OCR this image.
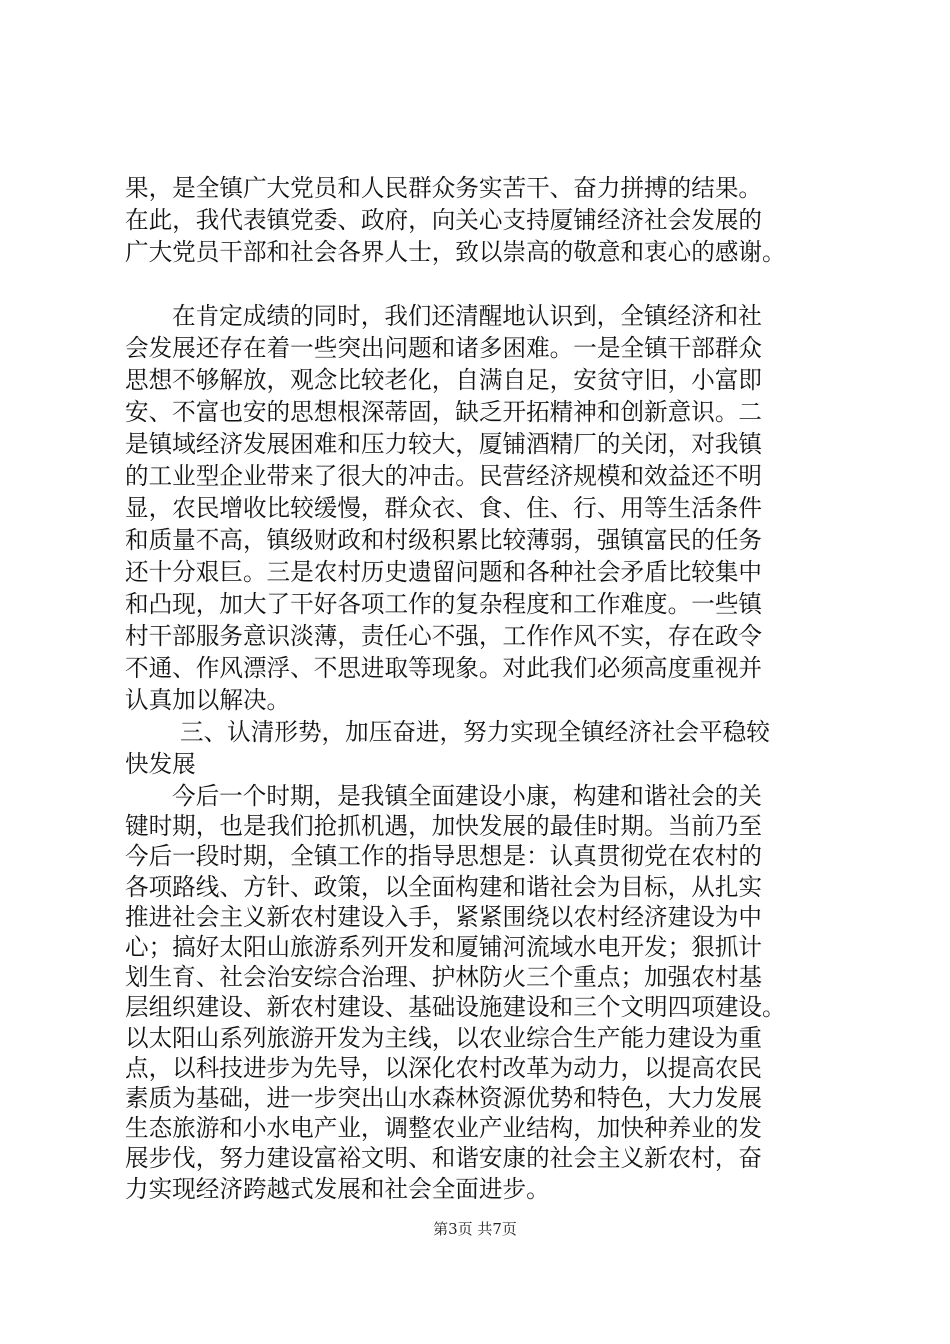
果，是全镇广大党员和人民群众务实苦干、奋力拼搏的结果。
在此，我代表镇党委、政府，向关心支持厦铺经济社会发展的
广大党员干部和社会各界人士，致以崇高的敬意和衷心的感谢。
在肯定成绩的同时，我们还清醒地认识到，全镇经济和社
会发展还存在着一些突出问题和诸多困难。一是全镇干部群众
思想不够解放，观念比较老化，自满自足，安贫守旧，小富即
安、不富也安的思想根深蒂固，缺乏开拓精神和创新意识。二
是镇域经济发展困难和压力较大，厦铺酒精厂的关闭，对我镇
的工业型企业带来了很大的冲击。民营经济规模和效益还不明
显，农民增收比较缓慢，群众衣、食、住、行、用等生活条件
和质量不高，镇级财政和村级积累比较薄弱，强镇富民的任务
还十分艰巨。三是农村历史遗留问题和各种社会矛盾比较集中
和凸现，加大了干好各项工作的复杂程度和工作难度。一些镇
村干部服务意识淡薄，责任心不强，工作作风不实，存在政令
不通、作风漂浮、不思进取等现象。对此我们必须高度重视并
认真加以解决。
三、认清形势，加压奋进，努力实现全镇经济社会平稳较
快发展
今后一个时期，是我镇全面建设小康，构建和谐社会的关
键时期，也是我们抢抓机遇，加快发展的最佳时期。当前乃至
今后一段时期，全镇工作的指导思想是：认真贯彻党在农村的
各项路线、方针、政策，以全面构建和谐社会为目标，从扎实
推进社会主义新农村建设入手，紧紧围绕以农村经济建设为中
心；搞好太阳山旅游系列开发和厦铺河流域水电开发；狠抓计
划生育、社会治安综合治理、护林防火三个重点；加强农村基
层组织建设、新农村建设、基础设施建设和三个文明四项建设。
以太阳山系列旅游开发为主线，以农业综合生产能力建设为重
点，以科技进步为先导，以深化农村改革为动力，以提高农民
素质为基础，进一步突出山水森林资源优势和特色，大力发展
生态旅游和小水电产业，调整农业产业结构，加快种养业的发
展步伐，努力建设富裕文明、和谐安康的社会主义新农村，奋
力实现经济跨越式发展和社会全面进步。
第3页 共7页
